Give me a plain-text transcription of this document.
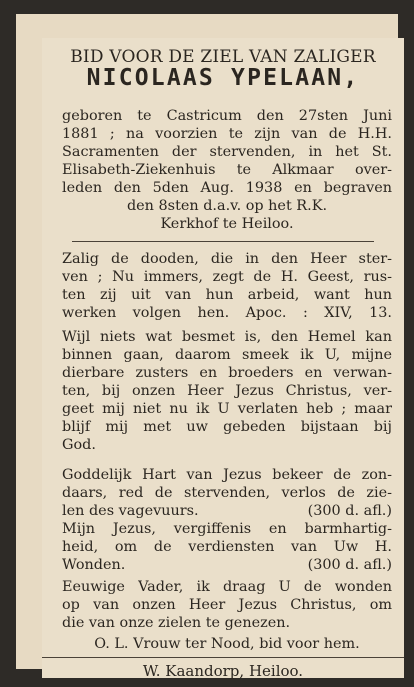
BID VOOR DE ZIEL VAN ZALIGER
NICOLAAS YPELAAN,
geboren te Castricum den 27sten Juni
1881 ; na voorzien te zijn van de H.H.
Sacramenten der stervenden, in het St.
Elisabeth-Ziekenhuis te Alkmaar over-
leden den 5den Aug. 1938 en begraven
den 8sten d.a.v. op het R.K.
Kerkhof te Heiloo.
Zalig de dooden, die in den Heer ster-
ven ; Nu immers, zegt de H. Geest, rus-
ten zij uit van hun arbeid, want hun
werken volgen hen. Apoc. : XIV, 13.
Wijl niets wat besmet is, den Hemel kan
binnen gaan, daarom smeek ik U, mijne
dierbare zusters en broeders en verwan-
ten, bij onzen Heer Jezus Christus, ver-
geet mij niet nu ik U verlaten heb ; maar
blijf mij met uw gebeden bijstaan bij
God.
Goddelijk Hart van Jezus bekeer de zon-
daars, red de stervenden, verlos de zie-
len des vagevuurs.	(300 d. afl.)
Mijn Jezus, vergiffenis en barmhartig-
heid, om de verdiensten van Uw H.
Wonden.	(300 d. afl.)
Eeuwige Vader, ik draag U de wonden
op van onzen Heer Jezus Christus, om
die van onze zielen te genezen.
O. L. Vrouw ter Nood, bid voor hem.
W. Kaandorp, Heiloo.
